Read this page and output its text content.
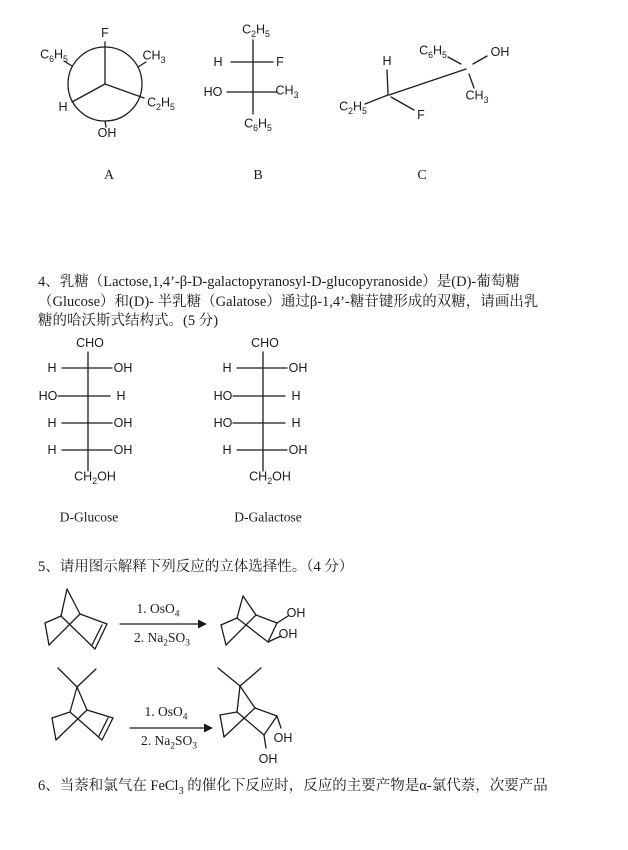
F
$C_6H_5$	$CH_3$
H	$C_2H_5$
OH
A
$C_2H_5$
H	F
HO	$CH_3$
$C_6H_5$
B
H
$C_2H_5$	F
$C_6H_5$	OH
$CH_3$
C
4、乳糖（Lactose,1,4’-β-D-galactopyranosyl-D-glucopyranoside）是(D)-葡萄糖
（Glucose）和(D)- 半乳糖（Galatose）通过β-1,4’-糖苷键形成的双糖，请画出乳
糖的哈沃斯式结构式。(5 分)
CHO
H	OH
HO	H
H	OH
H	OH
$CH_2OH$
D-Glucose
CHO
H	OH
HO	H
HO	H
H	OH
$CH_2OH$
D-Galactose
5、请用图示解释下列反应的立体选择性。（4 分）
1. OsO$_4$
2. $Na_2SO_3$
OH
OH
1. OsO$_4$
2. $Na_2SO_3$
OH
OH
6、当萘和氯气在 FeCl$_3$ 的催化下反应时，反应的主要产物是α-氯代萘，次要产品
